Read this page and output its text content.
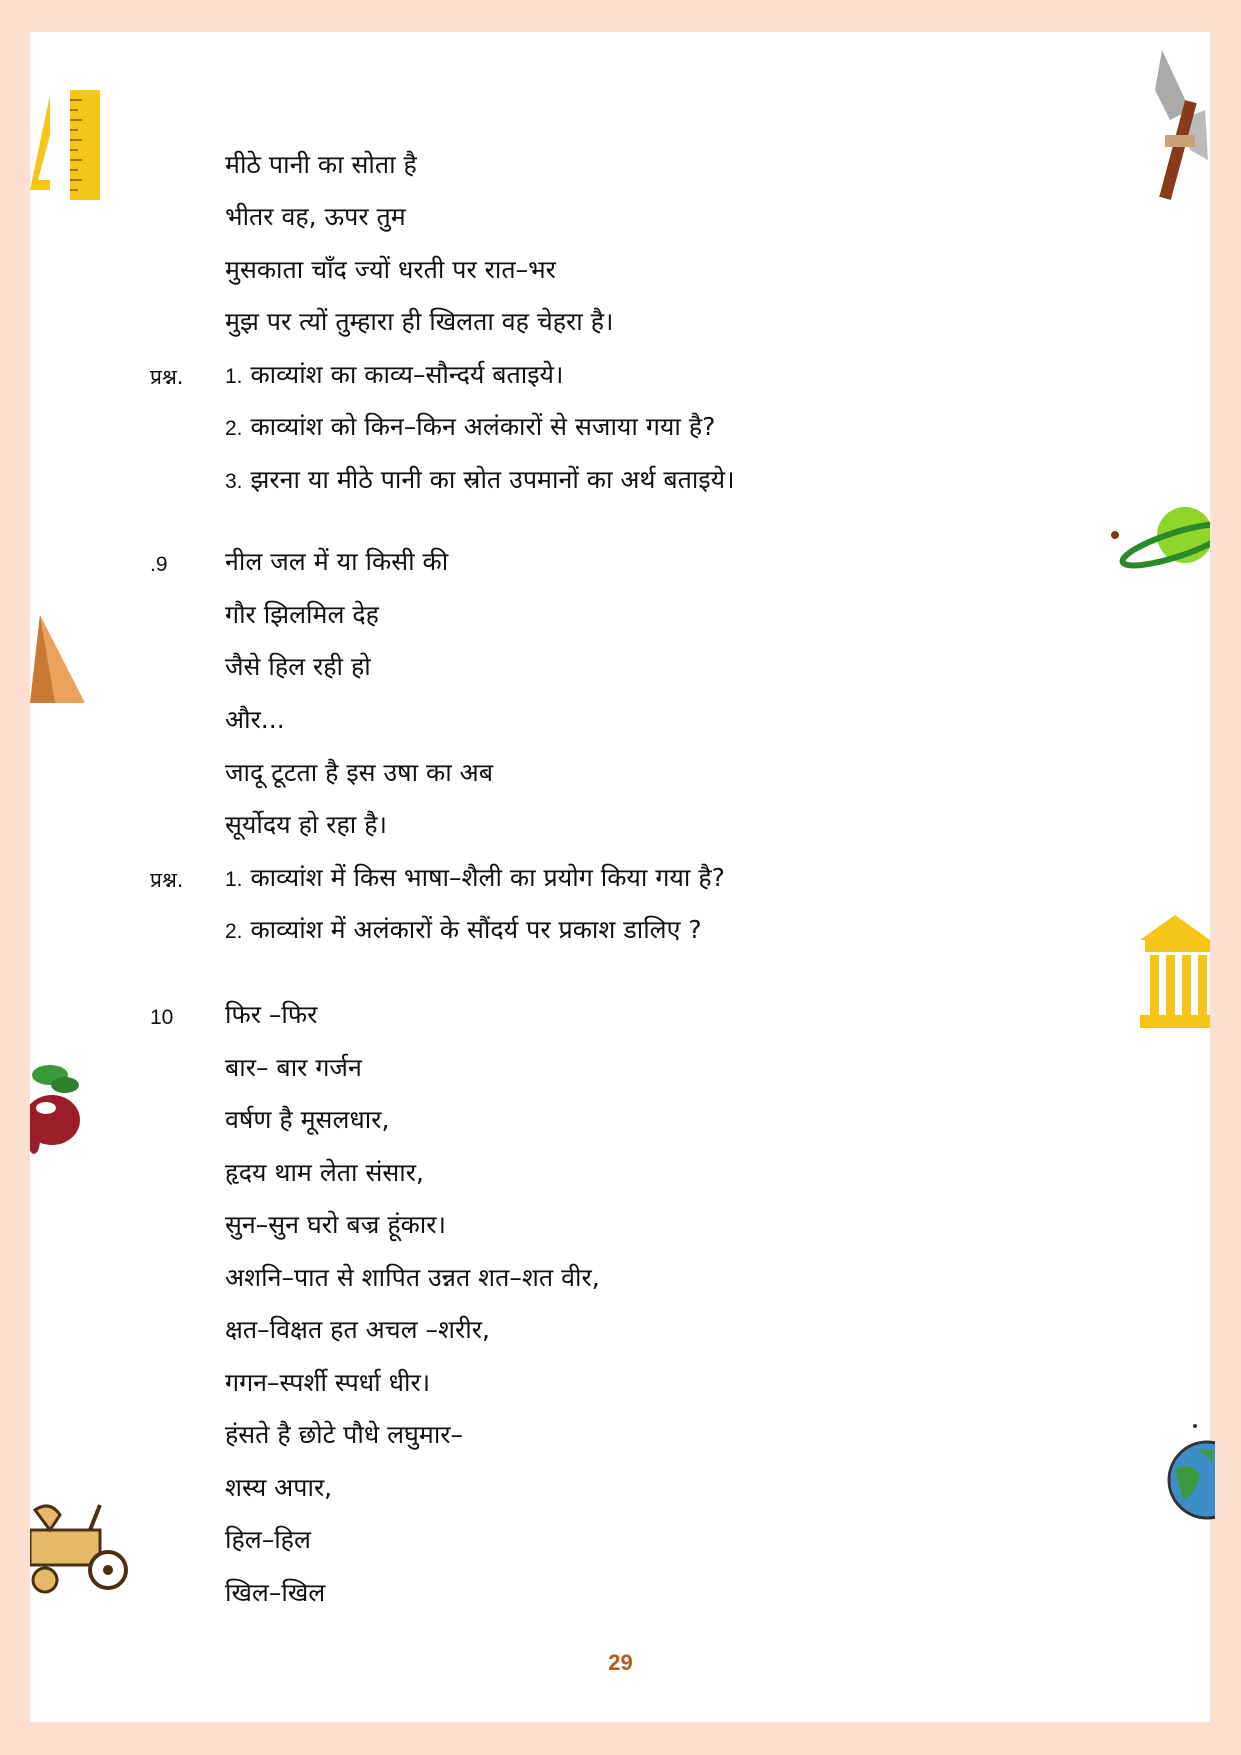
मीठे पानी का सोता है
भीतर वह, ऊपर तुम
मुसकाता चाँद ज्यों धरती पर रात–भर
मुझ पर त्यों तुम्हारा ही खिलता वह चेहरा है।
प्रश्न. 1. काव्यांश का काव्य–सौन्दर्य बताइये।
2. काव्यांश को किन–किन अलंकारों से सजाया गया है?
3. झरना या मीठे पानी का स्रोत उपमानों का अर्थ बताइये।
.9 नील जल में या किसी की
गौर झिलमिल देह
जैसे हिल रही हो
और...
जादू टूटता है इस उषा का अब
सूर्योदय हो रहा है।
प्रश्न. 1. काव्यांश में किस भाषा–शैली का प्रयोग किया गया है?
2. काव्यांश में अलंकारों के सौंदर्य पर प्रकाश डालिए ?
10 फिर –फिर
बार– बार गर्जन
वर्षण है मूसलधार,
हृदय थाम लेता संसार,
सुन–सुन घरो बज्र हूंकार।
अशनि–पात से शापित उन्नत शत–शत वीर,
क्षत–विक्षत हत अचल –शरीर,
गगन–स्पर्शी स्पर्धा धीर।
हंसते है छोटे पौधे लघुमार–
शस्य अपार,
हिल–हिल
खिल–खिल
29
